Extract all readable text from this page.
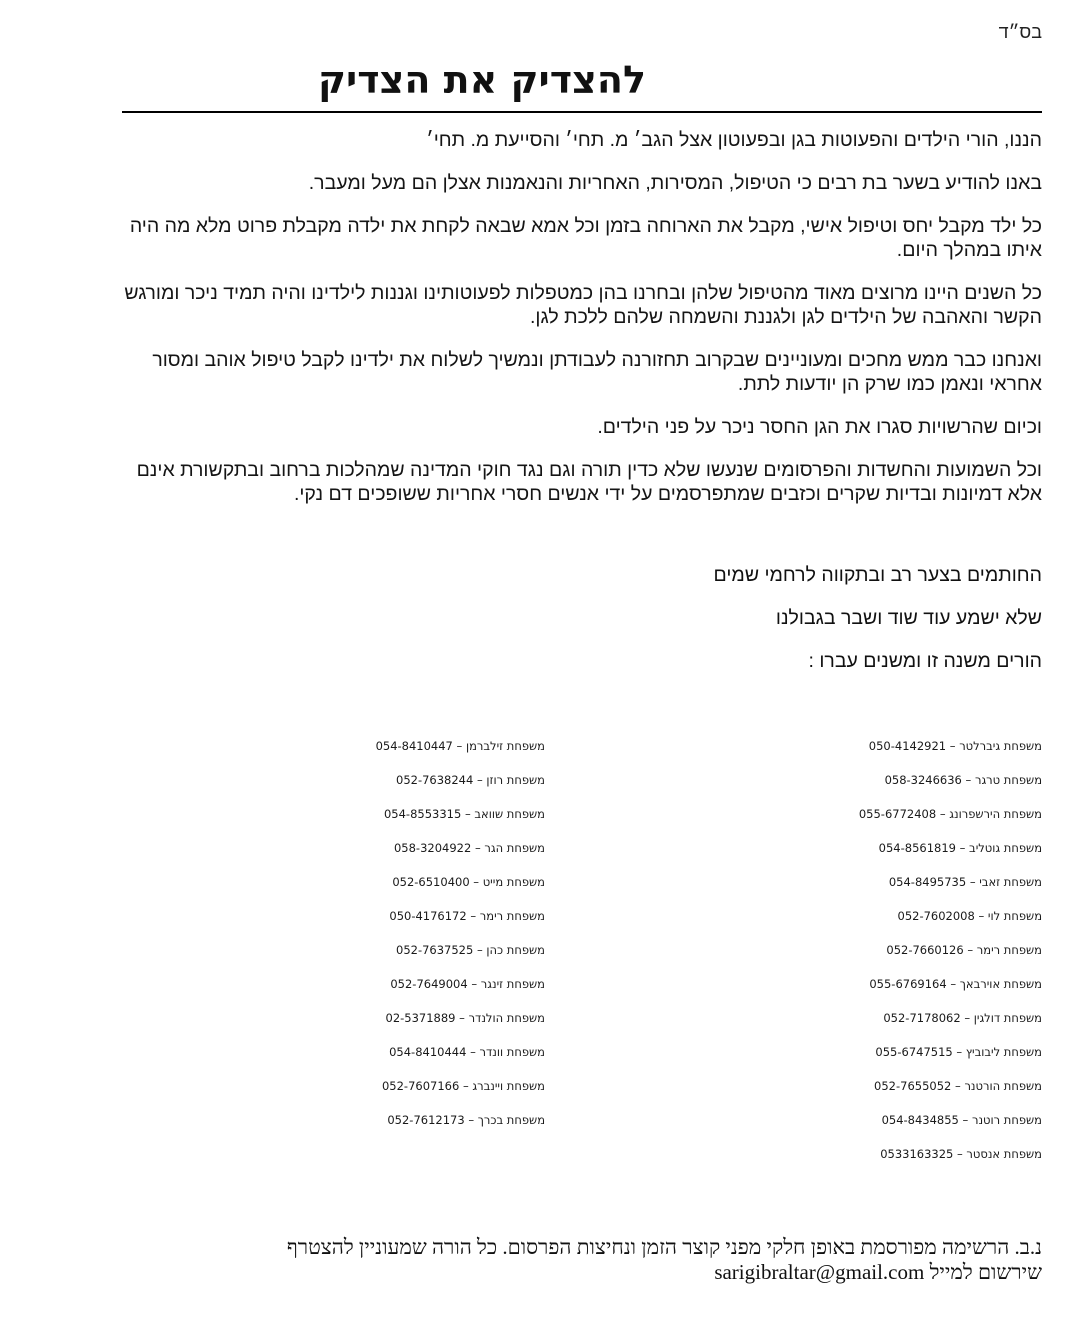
בס״ד
להצדיק את הצדיק

הננו, הורי הילדים והפעוטות בגן ובפעוטון אצל הגב׳ מ. תחי׳ והסייעת מ. תחי׳

באנו להודיע בשער בת רבים כי הטיפול, המסירות, האחריות והנאמנות אצלן הם מעל ומעבר.

כל ילד מקבל יחס וטיפול אישי, מקבל את הארוחה בזמן וכל אמא שבאה לקחת את ילדה מקבלת פרוט מלא מה היה איתו במהלך היום.

כל השנים היינו מרוצים מאוד מהטיפול שלהן ובחרנו בהן כמטפלות לפעוטותינו וגננות לילדינו והיה תמיד ניכר ומורגש הקשר והאהבה של הילדים לגן ולגננת והשמחה שלהם ללכת לגן.

ואנחנו כבר ממש מחכים ומעוניינים שבקרוב תחזורנה לעבודתן ונמשיך לשלוח את ילדינו לקבל טיפול אוהב ומסור אחראי ונאמן כמו שרק הן יודעות לתת.

וכיום שהרשויות סגרו את הגן החסר ניכר על פני הילדים.

וכל השמועות והחשדות והפרסומים שנעשו שלא כדין תורה וגם נגד חוקי המדינה שמהלכות ברחוב ובתקשורת אינם אלא דמיונות ובדיות שקרים וכזבים שמתפרסמים על ידי אנשים חסרי אחריות ששופכים דם נקי.

החותמים בצער רב ובתקווה לרחמי שמים

שלא ישמע עוד שוד ושבר בגבולנו

הורים משנה זו ומשנים עברו :

משפחת גיברלטר – 050-4142921
משפחת טרגר – 058-3246636
משפחת הירשפרונג – 055-6772408
משפחת גוטליב – 054-8561819
משפחת זאבי – 054-8495735
משפחת לוי – 052-7602008
משפחת רימר – 052-7660126
משפחת אוירבאך – 055-6769164
משפחת דולגין – 052-7178062
משפחת ליבוביץ – 055-6747515
משפחת הורטנר – 052-7655052
משפחת רוטנר – 054-8434855
משפחת אנסטר – 0533163325
משפחת זילברמן – 054-8410447
משפחת רוזן – 052-7638244
משפחת שוואב – 054-8553315
משפחת הגר – 058-3204922
משפחת מייט – 052-6510400
משפחת רימר – 050-4176172
משפחת כהן – 052-7637525
משפחת זינגר – 052-7649004
משפחת הולנדר – 02-5371889
משפחת וונדר – 054-8410444
משפחת ויינברג – 052-7607166
משפחת בכרך – 052-7612173
נ.ב. הרשימה מפורסמת באופן חלקי מפני קוצר הזמן ונחיצות הפרסום. כל הורה שמעוניין להצטרף
שירשום למייל sarigibraltar@gmail.com
